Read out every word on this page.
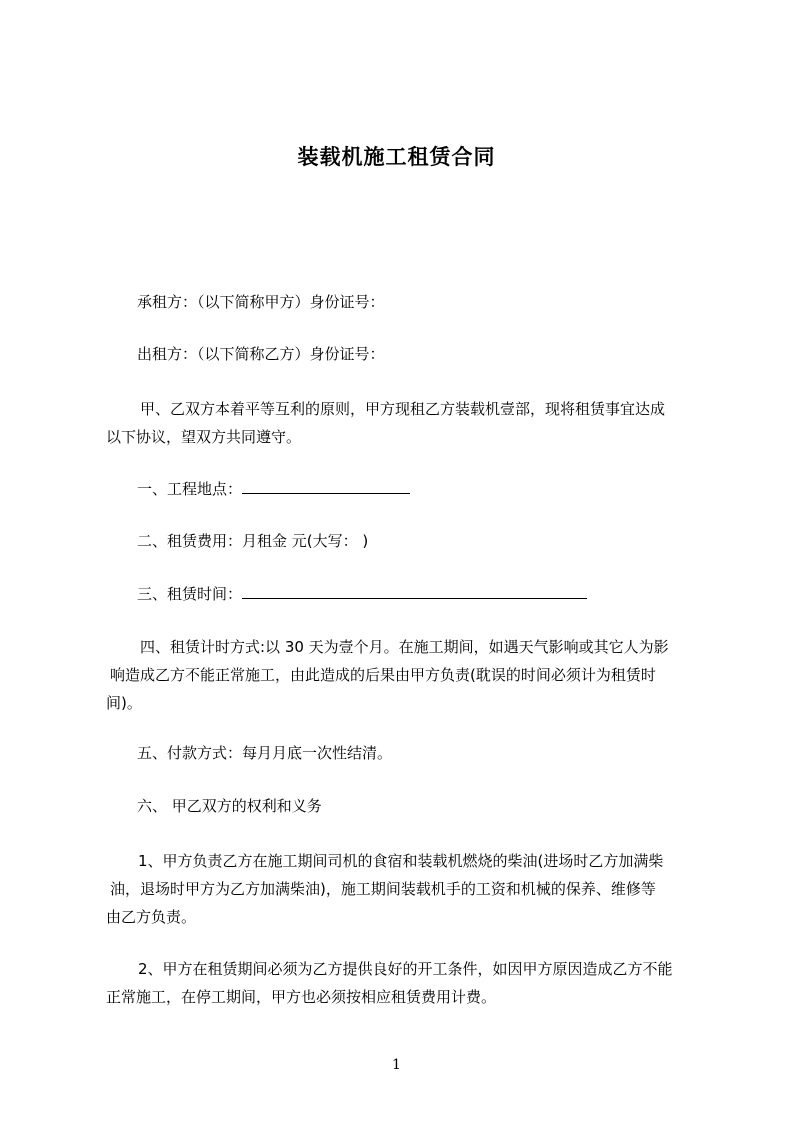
装载机施工租赁合同
承租方：（以下简称甲方）身份证号：
出租方：（以下简称乙方）身份证号：
甲、乙双方本着平等互利的原则，甲方现租乙方装载机壹部，现将租赁事宜达成
以下协议，望双方共同遵守。
一、工程地点：
二、租赁费用：月租金 元(大写： )
三、租赁时间：
四、租赁计时方式:以 30 天为壹个月。在施工期间，如遇天气影响或其它人为影
响造成乙方不能正常施工，由此造成的后果由甲方负责(耽误的时间必须计为租赁时
间)。
五、付款方式：每月月底一次性结清。
六、 甲乙双方的权利和义务
1、甲方负责乙方在施工期间司机的食宿和装载机燃烧的柴油(进场时乙方加满柴
油，退场时甲方为乙方加满柴油)，施工期间装载机手的工资和机械的保养、维修等
由乙方负责。
2、甲方在租赁期间必须为乙方提供良好的开工条件，如因甲方原因造成乙方不能
正常施工，在停工期间，甲方也必须按相应租赁费用计费。
1
